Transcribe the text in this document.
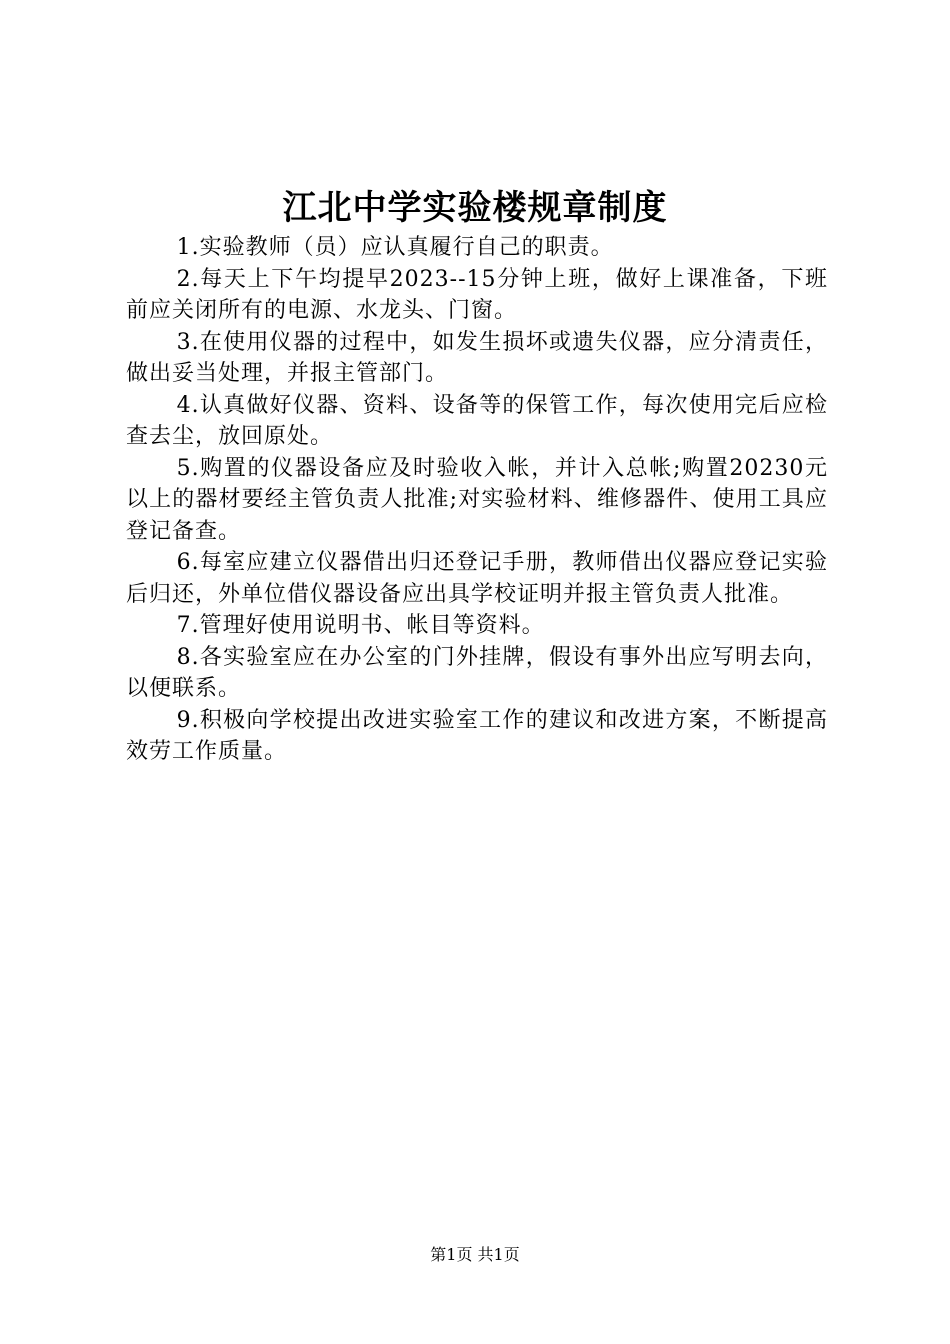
江北中学实验楼规章制度

1.实验教师（员）应认真履行自己的职责。

2.每天上下午均提早2023--15分钟上班，做好上课准备，下班前应关闭所有的电源、水龙头、门窗。

3.在使用仪器的过程中，如发生损坏或遗失仪器，应分清责任，做出妥当处理，并报主管部门。

4.认真做好仪器、资料、设备等的保管工作，每次使用完后应检查去尘，放回原处。

5.购置的仪器设备应及时验收入帐，并计入总帐;购置20230元以上的器材要经主管负责人批准;对实验材料、维修器件、使用工具应登记备查。

6.每室应建立仪器借出归还登记手册，教师借出仪器应登记实验后归还，外单位借仪器设备应出具学校证明并报主管负责人批准。

7.管理好使用说明书、帐目等资料。

8.各实验室应在办公室的门外挂牌，假设有事外出应写明去向，以便联系。

9.积极向学校提出改进实验室工作的建议和改进方案，不断提高效劳工作质量。

第1页 共1页
